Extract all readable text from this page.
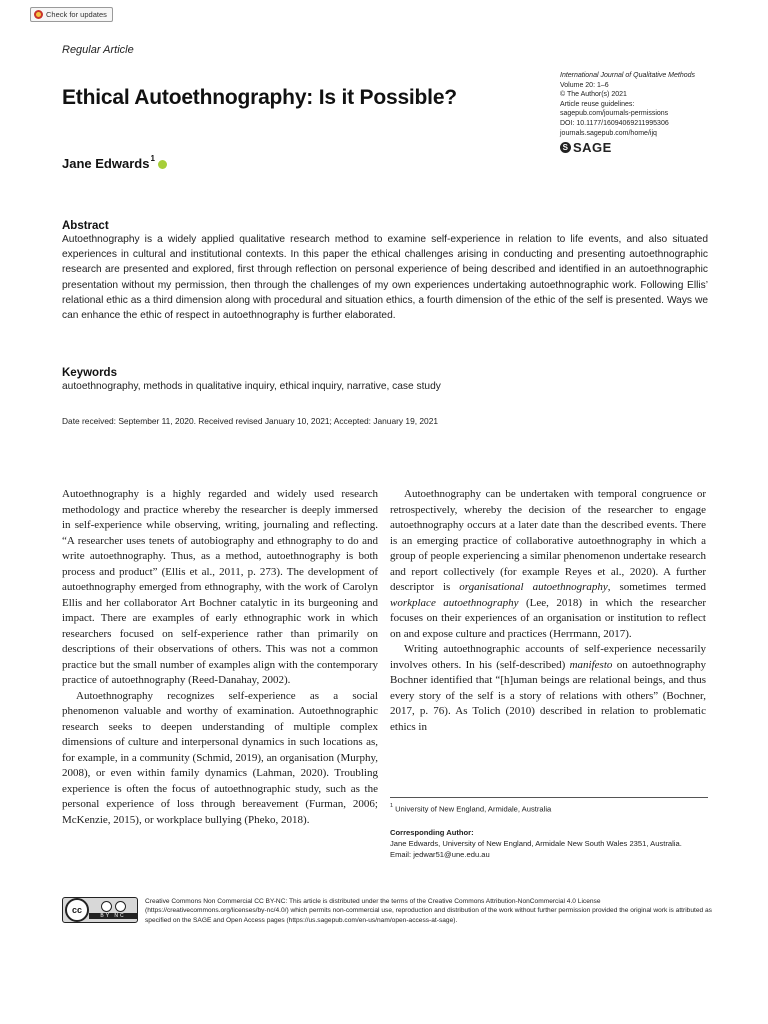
Check for updates
Regular Article
International Journal of Qualitative Methods
Volume 20: 1–6
© The Author(s) 2021
Article reuse guidelines:
sagepub.com/journals-permissions
DOI: 10.1177/16094069211995306
journals.sagepub.com/home/ijq
S SAGE
Ethical Autoethnography: Is it Possible?
Jane Edwards$^1$
Abstract
Autoethnography is a widely applied qualitative research method to examine self-experience in relation to life events, and also situated experiences in cultural and institutional contexts. In this paper the ethical challenges arising in conducting and presenting autoethnographic research are presented and explored, first through reflection on personal experience of being described and identified in an autoethnographic presentation without my permission, then through the challenges of my own experiences undertaking autoethnographic work. Following Ellis’ relational ethic as a third dimension along with procedural and situation ethics, a fourth dimension of the ethic of the self is presented. Ways we can enhance the ethic of respect in autoethnography is further elaborated.
Keywords
autoethnography, methods in qualitative inquiry, ethical inquiry, narrative, case study
Date received: September 11, 2020. Received revised January 10, 2021; Accepted: January 19, 2021

Autoethnography is a highly regarded and widely used research methodology and practice whereby the researcher is deeply immersed in self-experience while observing, writing, journaling and reflecting. “A researcher uses tenets of autobiography and ethnography to do and write autoethnography. Thus, as a method, autoethnography is both process and product” (Ellis et al., 2011, p. 273). The development of autoethnography emerged from ethnography, with the work of Carolyn Ellis and her collaborator Art Bochner catalytic in its burgeoning and impact. There are examples of early ethnographic work in which researchers focused on self-experience rather than primarily on descriptions of their observations of others. This was not a common practice but the small number of examples align with the contemporary practice of autoethnography (Reed-Danahay, 2002).

Autoethnography recognizes self-experience as a social phenomenon valuable and worthy of examination. Autoethnographic research seeks to deepen understanding of multiple complex dimensions of culture and interpersonal dynamics in such locations as, for example, in a community (Schmid, 2019), an organisation (Murphy, 2008), or even within family dynamics (Lahman, 2020). Troubling experience is often the focus of autoethnographic study, such as the personal experience of loss through bereavement (Furman, 2006; McKenzie, 2015), or workplace bullying (Pheko, 2018).

Autoethnography can be undertaken with temporal congruence or retrospectively, whereby the decision of the researcher to engage autoethnography occurs at a later date than the described events. There is an emerging practice of collaborative autoethnography in which a group of people experiencing a similar phenomenon undertake research and report collectively (for example Reyes et al., 2020). A further descriptor is organisational autoethnography, sometimes termed workplace autoethnography (Lee, 2018) in which the researcher focuses on their experiences of an organisation or institution to reflect on and expose culture and practices (Herrmann, 2017).

Writing autoethnographic accounts of self-experience necessarily involves others. In his (self-described) manifesto on autoethnography Bochner identified that “[h]uman beings are relational beings, and thus every story of the self is a story of relations with others” (Bochner, 2017, p. 76). As Tolich (2010) described in relation to problematic ethics in

$^1$ University of New England, Armidale, Australia
Corresponding Author:
Jane Edwards, University of New England, Armidale New South Wales 2351, Australia.
Email: jedwar51@une.edu.au
cc
BY NC
Creative Commons Non Commercial CC BY-NC: This article is distributed under the terms of the Creative Commons Attribution-NonCommercial 4.0 License (https://creativecommons.org/licenses/by-nc/4.0/) which permits non-commercial use, reproduction and distribution of the work without further permission provided the original work is attributed as specified on the SAGE and Open Access pages (https://us.sagepub.com/en-us/nam/open-access-at-sage).
